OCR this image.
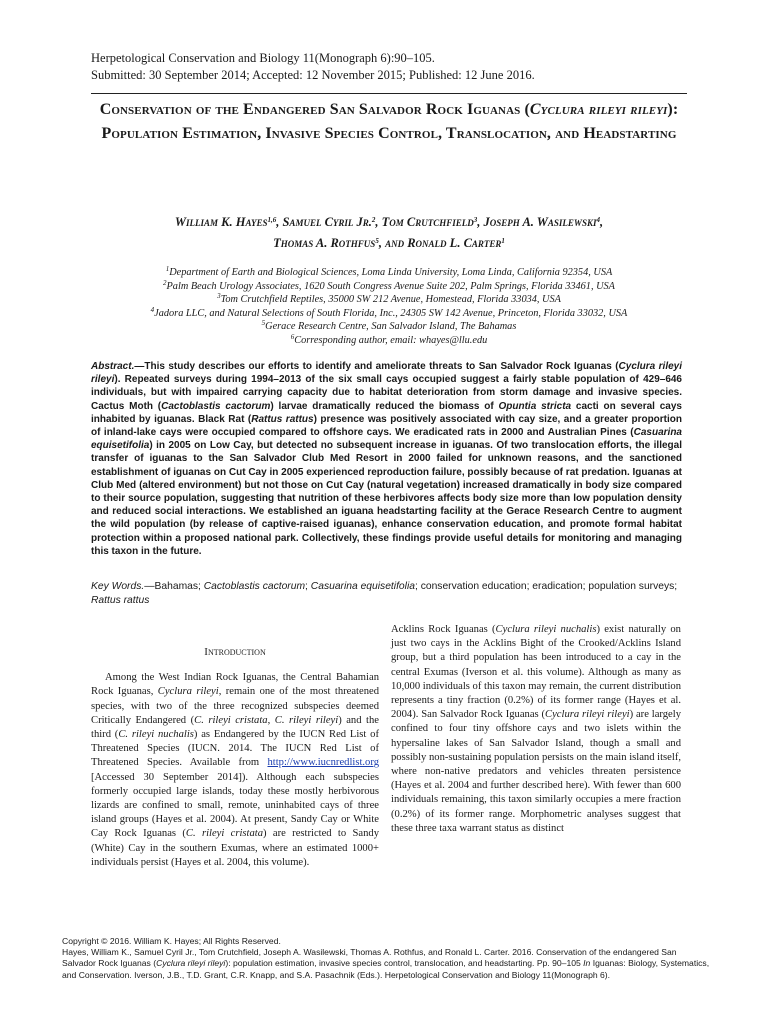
Herpetological Conservation and Biology 11(Monograph 6):90–105.
Submitted: 30 September 2014; Accepted: 12 November 2015; Published: 12 June 2016.
Conservation of the Endangered San Salvador Rock Iguanas (Cyclura rileyi rileyi): Population Estimation, Invasive Species Control, Translocation, and Headstarting
William K. Hayes$^{1,6}$, Samuel Cyril Jr.$^2$, Tom Crutchfield$^3$, Joseph A. Wasilewski$^4$,
Thomas A. Rothfus$^5$, and Ronald L. Carter$^1$
$^1$Department of Earth and Biological Sciences, Loma Linda University, Loma Linda, California 92354, USA
$^2$Palm Beach Urology Associates, 1620 South Congress Avenue Suite 202, Palm Springs, Florida 33461, USA
$^3$Tom Crutchfield Reptiles, 35000 SW 212 Avenue, Homestead, Florida 33034, USA
$^4$Jadora LLC, and Natural Selections of South Florida, Inc., 24305 SW 142 Avenue, Princeton, Florida 33032, USA
$^5$Gerace Research Centre, San Salvador Island, The Bahamas
$^6$Corresponding author, email: whayes@llu.edu
Abstract.—This study describes our efforts to identify and ameliorate threats to San Salvador Rock Iguanas (Cyclura rileyi rileyi). Repeated surveys during 1994–2013 of the six small cays occupied suggest a fairly stable population of 429–646 individuals, but with impaired carrying capacity due to habitat deterioration from storm damage and invasive species. Cactus Moth (Cactoblastis cactorum) larvae dramatically reduced the biomass of Opuntia stricta cacti on several cays inhabited by iguanas. Black Rat (Rattus rattus) presence was positively associated with cay size, and a greater proportion of inland-lake cays were occupied compared to offshore cays. We eradicated rats in 2000 and Australian Pines (Casuarina equisetifolia) in 2005 on Low Cay, but detected no subsequent increase in iguanas. Of two translocation efforts, the illegal transfer of iguanas to the San Salvador Club Med Resort in 2000 failed for unknown reasons, and the sanctioned establishment of iguanas on Cut Cay in 2005 experienced reproduction failure, possibly because of rat predation. Iguanas at Club Med (altered environment) but not those on Cut Cay (natural vegetation) increased dramatically in body size compared to their source population, suggesting that nutrition of these herbivores affects body size more than low population density and reduced social interactions. We established an iguana headstarting facility at the Gerace Research Centre to augment the wild population (by release of captive-raised iguanas), enhance conservation education, and promote formal habitat protection within a proposed national park. Collectively, these findings provide useful details for monitoring and managing this taxon in the future.
Key Words.—Bahamas; Cactoblastis cactorum; Casuarina equisetifolia; conservation education; eradication; population surveys; Rattus rattus
Introduction

Among the West Indian Rock Iguanas, the Central Bahamian Rock Iguanas, Cyclura rileyi, remain one of the most threatened species, with two of the three recognized subspecies deemed Critically Endangered (C. rileyi cristata, C. rileyi rileyi) and the third (C. rileyi nuchalis) as Endangered by the IUCN Red List of Threatened Species (IUCN. 2014. The IUCN Red List of Threatened Species. Available from http://www.iucnredlist.org [Accessed 30 September 2014]). Although each subspecies formerly occupied large islands, today these mostly herbivorous lizards are confined to small, remote, uninhabited cays of three island groups (Hayes et al. 2004). At present, Sandy Cay or White Cay Rock Iguanas (C. rileyi cristata) are restricted to Sandy (White) Cay in the southern Exumas, where an estimated 1000+ individuals persist (Hayes et al. 2004, this volume).

Acklins Rock Iguanas (Cyclura rileyi nuchalis) exist naturally on just two cays in the Acklins Bight of the Crooked/Acklins Island group, but a third population has been introduced to a cay in the central Exumas (Iverson et al. this volume). Although as many as 10,000 individuals of this taxon may remain, the current distribution represents a tiny fraction (0.2%) of its former range (Hayes et al. 2004). San Salvador Rock Iguanas (Cyclura rileyi rileyi) are largely confined to four tiny offshore cays and two islets within the hypersaline lakes of San Salvador Island, though a small and possibly non-sustaining population persists on the main island itself, where non-native predators and vehicles threaten persistence (Hayes et al. 2004 and further described here). With fewer than 600 individuals remaining, this taxon similarly occupies a mere fraction (0.2%) of its former range. Morphometric analyses suggest that these three taxa warrant status as distinct

Copyright © 2016. William K. Hayes; All Rights Reserved.
Hayes, William K., Samuel Cyril Jr., Tom Crutchfield, Joseph A. Wasilewski, Thomas A. Rothfus, and Ronald L. Carter. 2016. Conservation of the endangered San Salvador Rock Iguanas (Cyclura rileyi rileyi): population estimation, invasive species control, translocation, and headstarting. Pp. 90–105 In Iguanas: Biology, Systematics, and Conservation. Iverson, J.B., T.D. Grant, C.R. Knapp, and S.A. Pasachnik (Eds.). Herpetological Conservation and Biology 11(Monograph 6).
